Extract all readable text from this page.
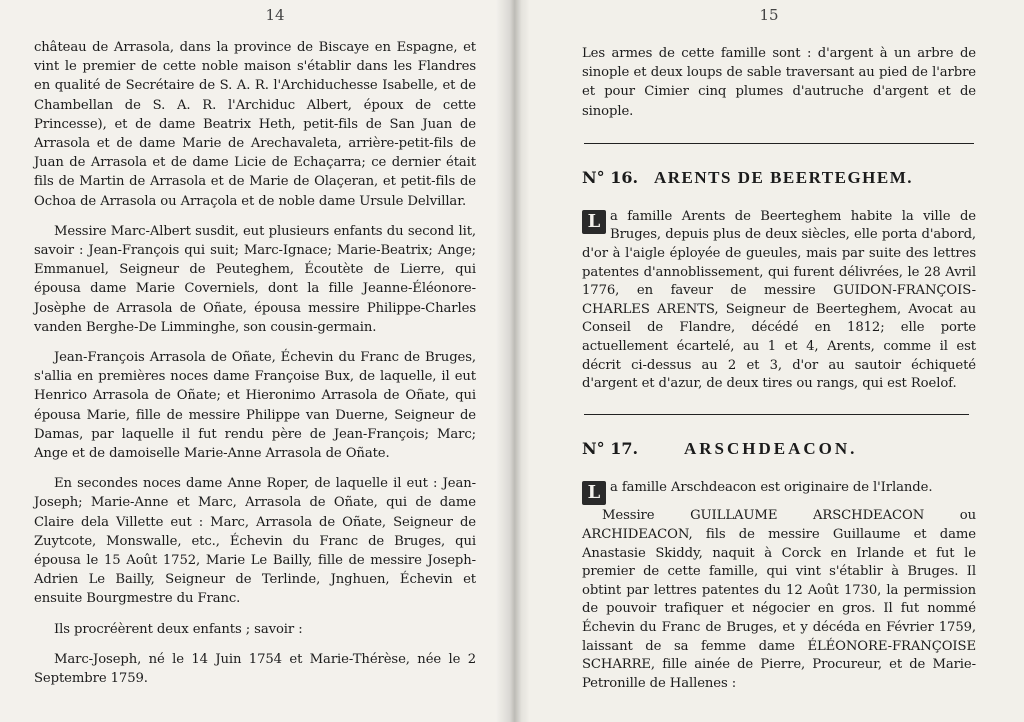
14

château de Arrasola, dans la province de Biscaye en Espagne, et vint le premier de cette noble maison s'établir dans les Flandres en qualité de Secrétaire de S. A. R. l'Archiduchesse Isabelle, et de Chambellan de S. A. R. l'Archiduc Albert, époux de cette Princesse), et de dame Beatrix Heth, petit-fils de San Juan de Arrasola et de dame Marie de Arechavaleta, arrière-petit-fils de Juan de Arrasola et de dame Licie de Echaçarra; ce dernier était fils de Martin de Arrasola et de Marie de Olaçeran, et petit-fils de Ochoa de Arrasola ou Arraçola et de noble dame Ursule Delvillar.

Messire Marc-Albert susdit, eut plusieurs enfants du second lit, savoir : Jean-François qui suit; Marc-Ignace; Marie-Beatrix; Ange; Emmanuel, Seigneur de Peuteghem, Écoutète de Lierre, qui épousa dame Marie Coverniels, dont la fille Jeanne-Éléonore-Josèphe de Arrasola de Oñate, épousa messire Philippe-Charles vanden Berghe-De Limminghe, son cousin-germain.

Jean-François Arrasola de Oñate, Échevin du Franc de Bruges, s'allia en premières noces dame Françoise Bux, de laquelle, il eut Henrico Arrasola de Oñate; et Hieronimo Arrasola de Oñate, qui épousa Marie, fille de messire Philippe van Duerne, Seigneur de Damas, par laquelle il fut rendu père de Jean-François; Marc; Ange et de damoiselle Marie-Anne Arrasola de Oñate.

En secondes noces dame Anne Roper, de laquelle il eut : Jean-Joseph; Marie-Anne et Marc, Arrasola de Oñate, qui de dame Claire dela Villette eut : Marc, Arrasola de Oñate, Seigneur de Zuytcote, Monswalle, etc., Échevin du Franc de Bruges, qui épousa le 15 Août 1752, Marie Le Bailly, fille de messire Joseph-Adrien Le Bailly, Seigneur de Terlinde, Jnghuen, Échevin et ensuite Bourgmestre du Franc.

Ils procréèrent deux enfants ; savoir :

Marc-Joseph, né le 14 Juin 1754 et Marie-Thérèse, née le 2 Septembre 1759.

15

Les armes de cette famille sont : d'argent à un arbre de sinople et deux loups de sable traversant au pied de l'arbre et pour Cimier cinq plumes d'autruche d'argent et de sinople.

N° 16. ARENTS DE BEERTEGHEM.
L a famille Arents de Beerteghem habite la ville de Bruges, depuis plus de deux siècles, elle porta d'abord, d'or à l'aigle éployée de gueules, mais par suite des lettres patentes d'annoblissement, qui furent délivrées, le 28 Avril 1776, en faveur de messire GUIDON-FRANÇOIS-CHARLES ARENTS, Seigneur de Beerteghem, Avocat au Conseil de Flandre, décédé en 1812; elle porte actuellement écartelé, au 1 et 4, Arents, comme il est décrit ci-dessus au 2 et 3, d'or au sautoir échiqueté d'argent et d'azur, de deux tires ou rangs, qui est Roelof.

N° 17.	ARSCHDEACON.
L a famille Arschdeacon est originaire de l'Irlande.

Messire GUILLAUME ARSCHDEACON ou ARCHIDEACON, fils de messire Guillaume et dame Anastasie Skiddy, naquit à Corck en Irlande et fut le premier de cette famille, qui vint s'établir à Bruges. Il obtint par lettres patentes du 12 Août 1730, la permission de pouvoir trafiquer et négocier en gros. Il fut nommé Échevin du Franc de Bruges, et y décéda en Février 1759, laissant de sa femme dame ÉLÉONORE-FRANÇOISE SCHARRE, fille ainée de Pierre, Procureur, et de Marie-Petronille de Hallenes :
